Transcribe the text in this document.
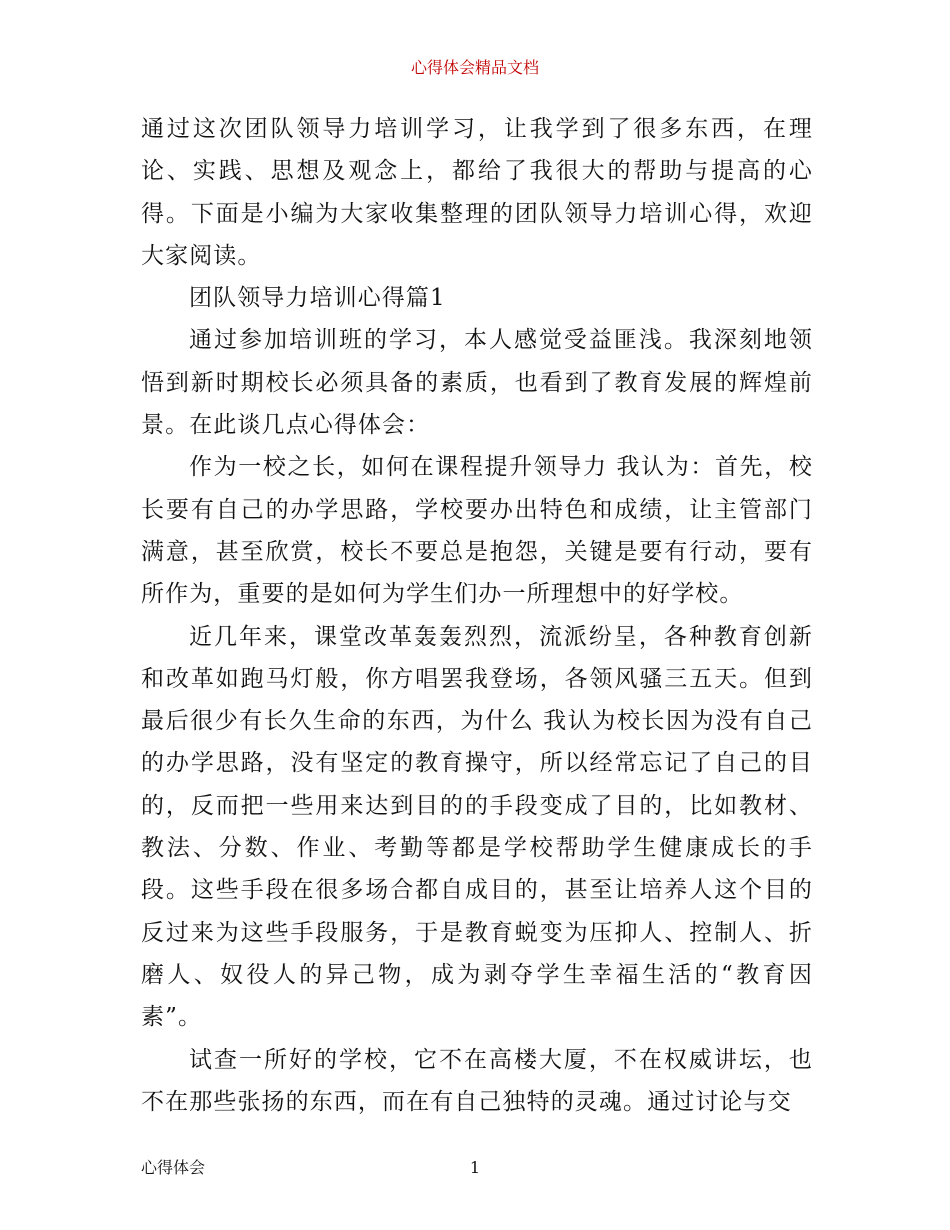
心得体会精品文档

通过这次团队领导力培训学习，让我学到了很多东西，在理论、实践、思想及观念上，都给了我很大的帮助与提高的心得。下面是小编为大家收集整理的团队领导力培训心得，欢迎大家阅读。

团队领导力培训心得篇1

通过参加培训班的学习，本人感觉受益匪浅。我深刻地领悟到新时期校长必须具备的素质，也看到了教育发展的辉煌前景。在此谈几点心得体会：

作为一校之长，如何在课程提升领导力 我认为：首先，校长要有自己的办学思路，学校要办出特色和成绩，让主管部门满意，甚至欣赏，校长不要总是抱怨，关键是要有行动，要有所作为，重要的是如何为学生们办一所理想中的好学校。

近几年来，课堂改革轰轰烈烈，流派纷呈，各种教育创新和改革如跑马灯般，你方唱罢我登场，各领风骚三五天。但到最后很少有长久生命的东西，为什么 我认为校长因为没有自己的办学思路，没有坚定的教育操守，所以经常忘记了自己的目的，反而把一些用来达到目的的手段变成了目的，比如教材、教法、分数、作业、考勤等都是学校帮助学生健康成长的手段。这些手段在很多场合都自成目的，甚至让培养人这个目的反过来为这些手段服务，于是教育蜕变为压抑人、控制人、折磨人、奴役人的异己物，成为剥夺学生幸福生活的“教育因素”。

试查一所好的学校，它不在高楼大厦，不在权威讲坛，也不在那些张扬的东西，而在有自己独特的灵魂。通过讨论与交

心得体会	1
